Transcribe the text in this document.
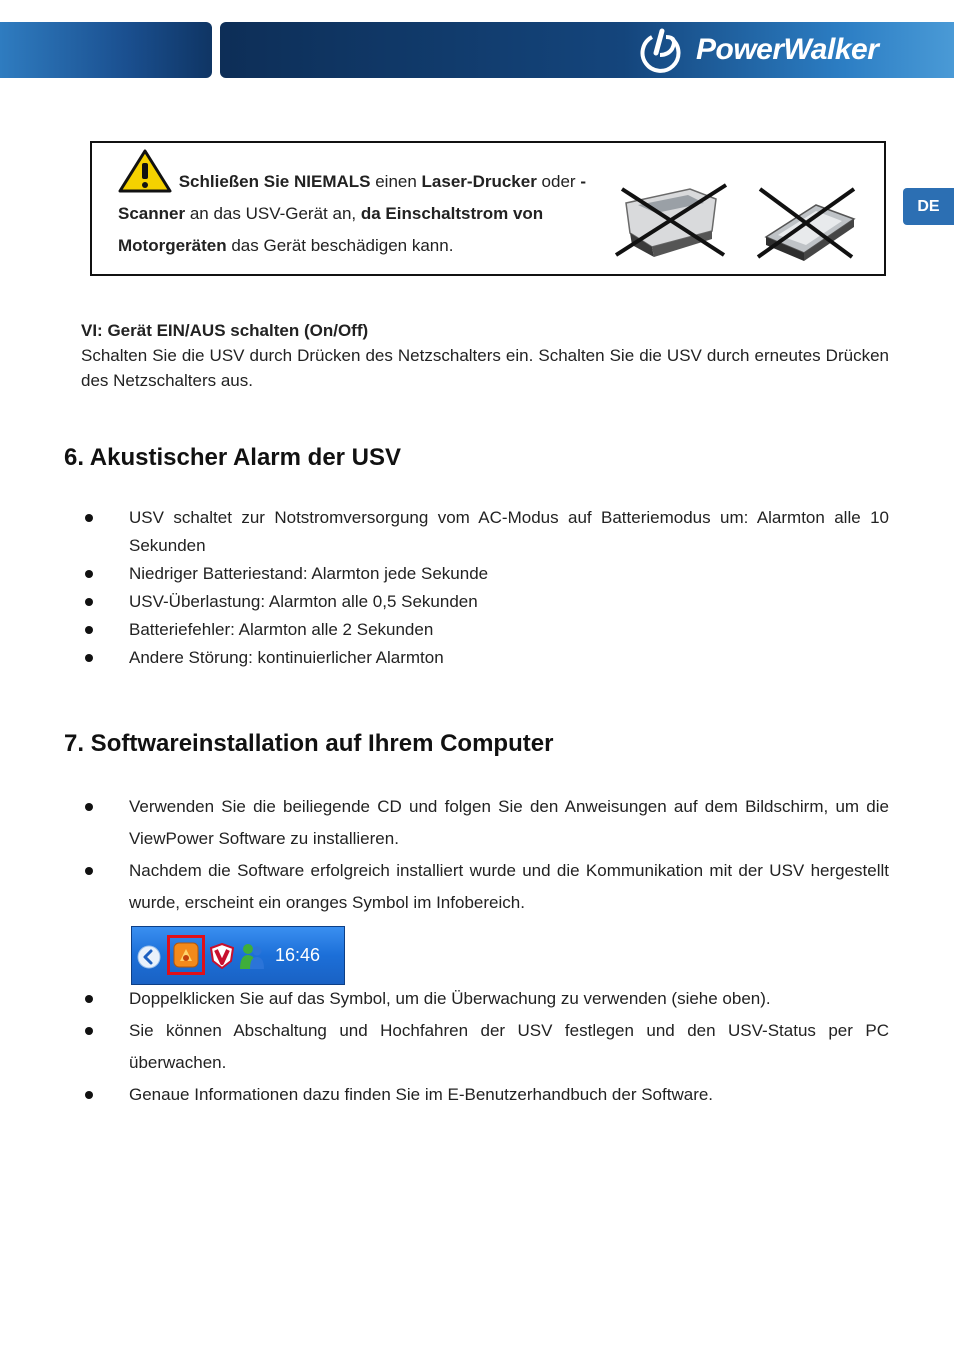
PowerWalker
DE
Schließen Sie NIEMALS einen Laser-Drucker oder -Scanner an das USV-Gerät an, da Einschaltstrom von Motorgeräten das Gerät beschädigen kann.
VI: Gerät EIN/AUS schalten (On/Off)

Schalten Sie die USV durch Drücken des Netzschalters ein. Schalten Sie die USV durch erneutes Drücken des Netzschalters aus.

6. Akustischer Alarm der USV
USV schaltet zur Notstromversorgung vom AC-Modus auf Batteriemodus um: Alarmton alle 10 Sekunden
Niedriger Batteriestand: Alarmton jede Sekunde
USV-Überlastung: Alarmton alle 0,5 Sekunden
Batteriefehler: Alarmton alle 2 Sekunden
Andere Störung: kontinuierlicher Alarmton
7. Softwareinstallation auf Ihrem Computer
Verwenden Sie die beiliegende CD und folgen Sie den Anweisungen auf dem Bildschirm, um die ViewPower Software zu installieren.
Nachdem die Software erfolgreich installiert wurde und die Kommunikation mit der USV hergestellt wurde, erscheint ein oranges Symbol im Infobereich.
16:46
Doppelklicken Sie auf das Symbol, um die Überwachung zu verwenden (siehe oben).
Sie können Abschaltung und Hochfahren der USV festlegen und den USV-Status per PC überwachen.
Genaue Informationen dazu finden Sie im E-Benutzerhandbuch der Software.
